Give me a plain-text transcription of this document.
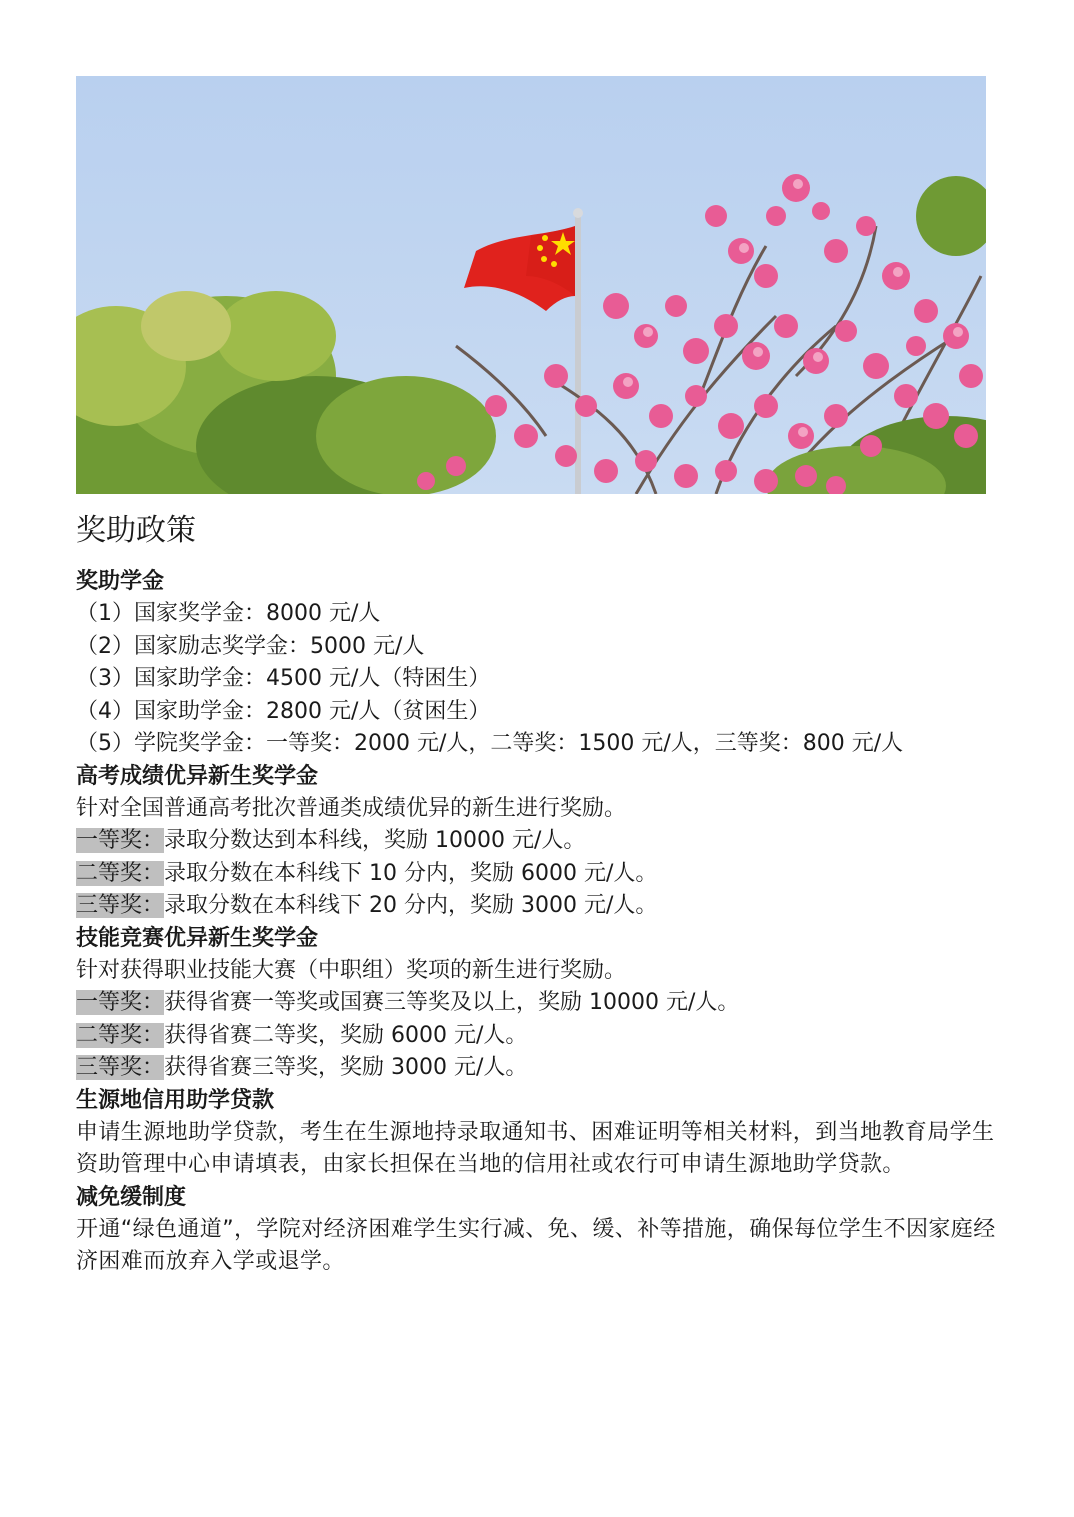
奖助政策
奖助学金
（1）国家奖学金：8000 元/人
（2）国家励志奖学金：5000 元/人
（3）国家助学金：4500 元/人（特困生）
（4）国家助学金：2800 元/人（贫困生）
（5）学院奖学金：一等奖：2000 元/人，二等奖：1500 元/人，三等奖：800 元/人
高考成绩优异新生奖学金
针对全国普通高考批次普通类成绩优异的新生进行奖励。
一等奖：录取分数达到本科线，奖励 10000 元/人。
二等奖：录取分数在本科线下 10 分内，奖励 6000 元/人。
三等奖：录取分数在本科线下 20 分内，奖励 3000 元/人。
技能竞赛优异新生奖学金
针对获得职业技能大赛（中职组）奖项的新生进行奖励。
一等奖：获得省赛一等奖或国赛三等奖及以上，奖励 10000 元/人。
二等奖：获得省赛二等奖，奖励 6000 元/人。
三等奖：获得省赛三等奖，奖励 3000 元/人。
生源地信用助学贷款
申请生源地助学贷款，考生在生源地持录取通知书、困难证明等相关材料，到当地教育局学生资助管理中心申请填表，由家长担保在当地的信用社或农行可申请生源地助学贷款。
减免缓制度
开通“绿色通道”，学院对经济困难学生实行减、免、缓、补等措施，确保每位学生不因家庭经济困难而放弃入学或退学。
